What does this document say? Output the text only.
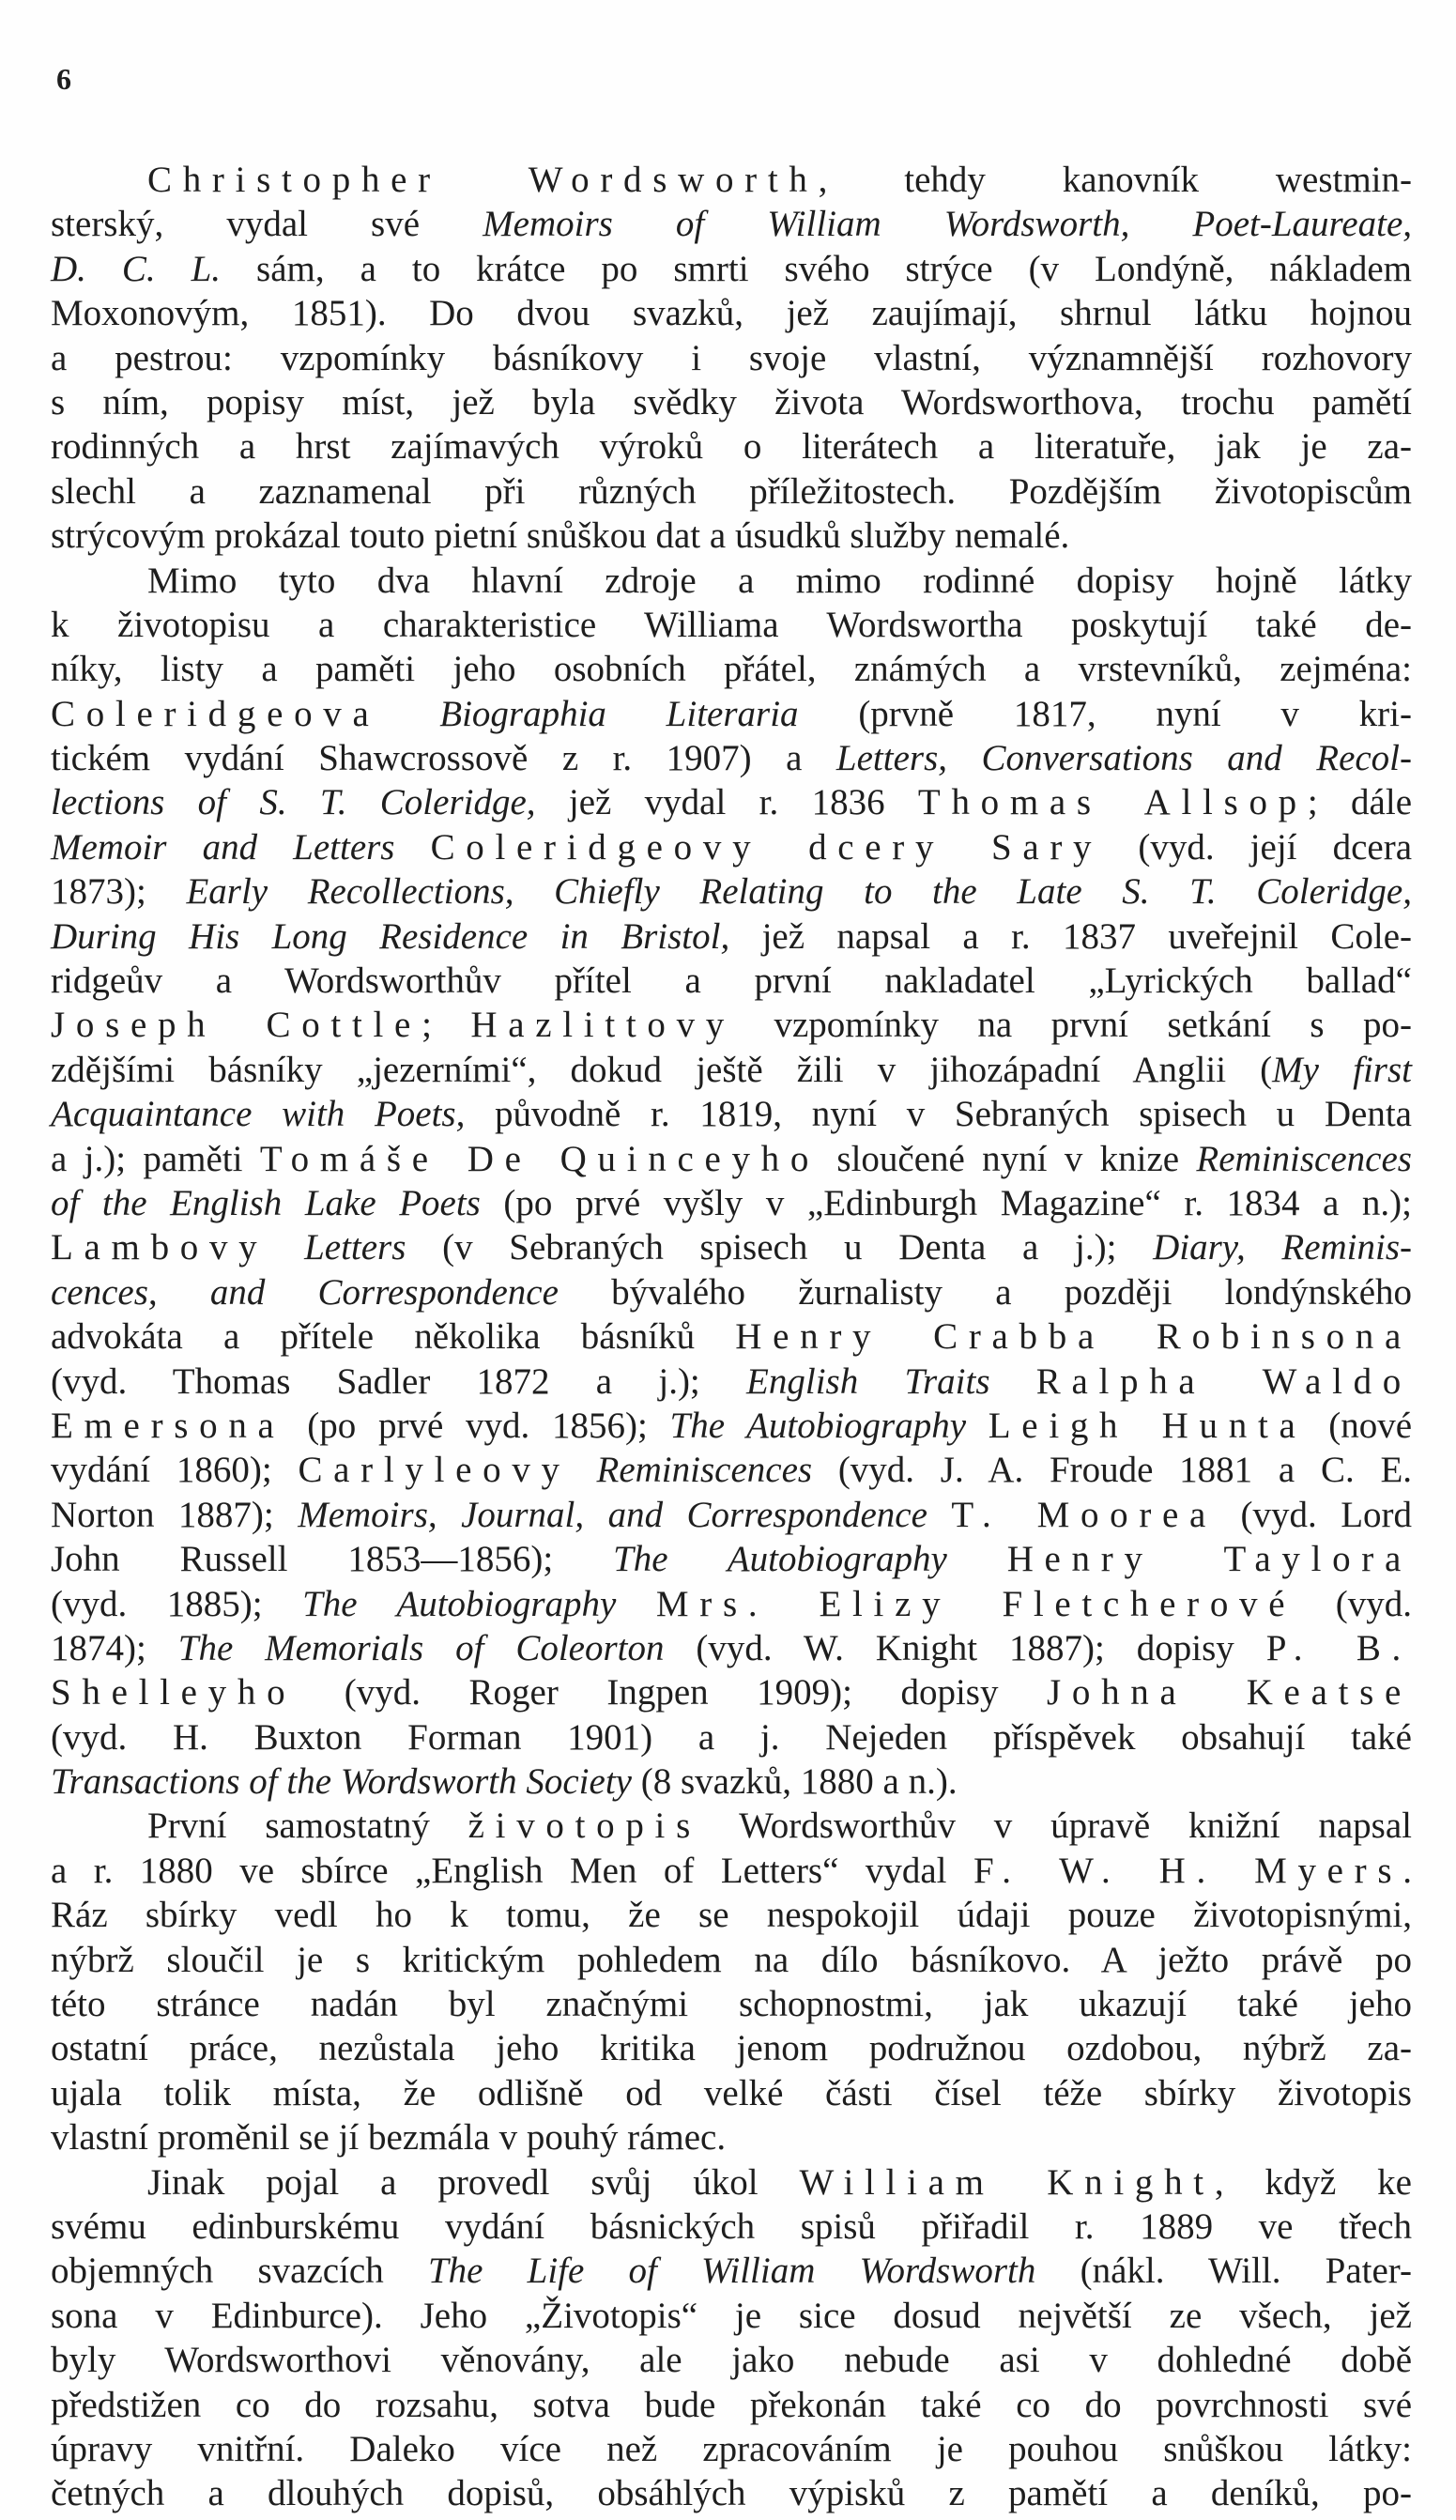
6
Christopher Wordsworth, tehdy kanovník westmin-
sterský, vydal své Memoirs of William Wordsworth, Poet-Laureate,
D. C. L. sám, a to krátce po smrti svého strýce (v Londýně, nákladem
Moxonovým, 1851). Do dvou svazků, jež zaujímají, shrnul látku hojnou
a pestrou: vzpomínky básníkovy i svoje vlastní, významnější rozhovory
s ním, popisy míst, jež byla svědky života Wordsworthova, trochu pamětí
rodinných a hrst zajímavých výroků o literátech a literatuře, jak je za-
slechl a zaznamenal při různých příležitostech. Pozdějším životopiscům
strýcovým prokázal touto pietní snůškou dat a úsudků služby nemalé.
Mimo tyto dva hlavní zdroje a mimo rodinné dopisy hojně látky
k životopisu a charakteristice Williama Wordswortha poskytují také de-
níky, listy a paměti jeho osobních přátel, známých a vrstevníků, zejména:
Coleridgeova Biographia Literaria (prvně 1817, nyní v kri-
tickém vydání Shawcrossově z r. 1907) a Letters, Conversations and Recol-
lections of S. T. Coleridge, jež vydal r. 1836 Thomas Allsop; dále
Memoir and Letters Coleridgeovy dcery Sary (vyd. její dcera
1873); Early Recollections, Chiefly Relating to the Late S. T. Coleridge,
During His Long Residence in Bristol, jež napsal a r. 1837 uveřejnil Cole-
ridgeův a Wordsworthův přítel a první nakladatel „Lyrických ballad“
Joseph Cottle; Hazlittovy vzpomínky na první setkání s po-
zdějšími básníky „jezerními“, dokud ještě žili v jihozápadní Anglii (My first
Acquaintance with Poets, původně r. 1819, nyní v Sebraných spisech u Denta
a j.); paměti Tomáše De Quinceyho sloučené nyní v knize Reminiscences
of the English Lake Poets (po prvé vyšly v „Edinburgh Magazine“ r. 1834 a n.);
Lambovy Letters (v Sebraných spisech u Denta a j.); Diary, Reminis-
cences, and Correspondence bývalého žurnalisty a později londýnského
advokáta a přítele několika básníků Henry Crabba Robinsona
(vyd. Thomas Sadler 1872 a j.); English Traits Ralpha Waldo
Emersona (po prvé vyd. 1856); The Autobiography Leigh Hunta (nové
vydání 1860); Carlyleovy Reminiscences (vyd. J. A. Froude 1881 a C. E.
Norton 1887); Memoirs, Journal, and Correspondence T. Moorea (vyd. Lord
John Russell 1853—1856); The Autobiography Henry Taylora
(vyd. 1885); The Autobiography Mrs. Elizy Fletcherové (vyd.
1874); The Memorials of Coleorton (vyd. W. Knight 1887); dopisy P. B.
Shelleyho (vyd. Roger Ingpen 1909); dopisy Johna Keatse
(vyd. H. Buxton Forman 1901) a j. Nejeden příspěvek obsahují také
Transactions of the Wordsworth Society (8 svazků, 1880 a n.).
První samostatný životopis Wordsworthův v úpravě knižní napsal
a r. 1880 ve sbírce „English Men of Letters“ vydal F. W. H. Myers.
Ráz sbírky vedl ho k tomu, že se nespokojil údaji pouze životopisnými,
nýbrž sloučil je s kritickým pohledem na dílo básníkovo. A ježto právě po
této stránce nadán byl značnými schopnostmi, jak ukazují také jeho
ostatní práce, nezůstala jeho kritika jenom podružnou ozdobou, nýbrž za-
ujala tolik místa, že odlišně od velké části čísel téže sbírky životopis
vlastní proměnil se jí bezmála v pouhý rámec.
Jinak pojal a provedl svůj úkol William Knight, když ke
svému edinburskému vydání básnických spisů přiřadil r. 1889 ve třech
objemných svazcích The Life of William Wordsworth (nákl. Will. Pater-
sona v Edinburce). Jeho „Životopis“ je sice dosud největší ze všech, jež
byly Wordsworthovi věnovány, ale jako nebude asi v dohledné době
předstižen co do rozsahu, sotva bude překonán také co do povrchnosti své
úpravy vnitřní. Daleko více než zpracováním je pouhou snůškou látky:
četných a dlouhých dopisů, obsáhlých výpisků z pamětí a deníků, po-
